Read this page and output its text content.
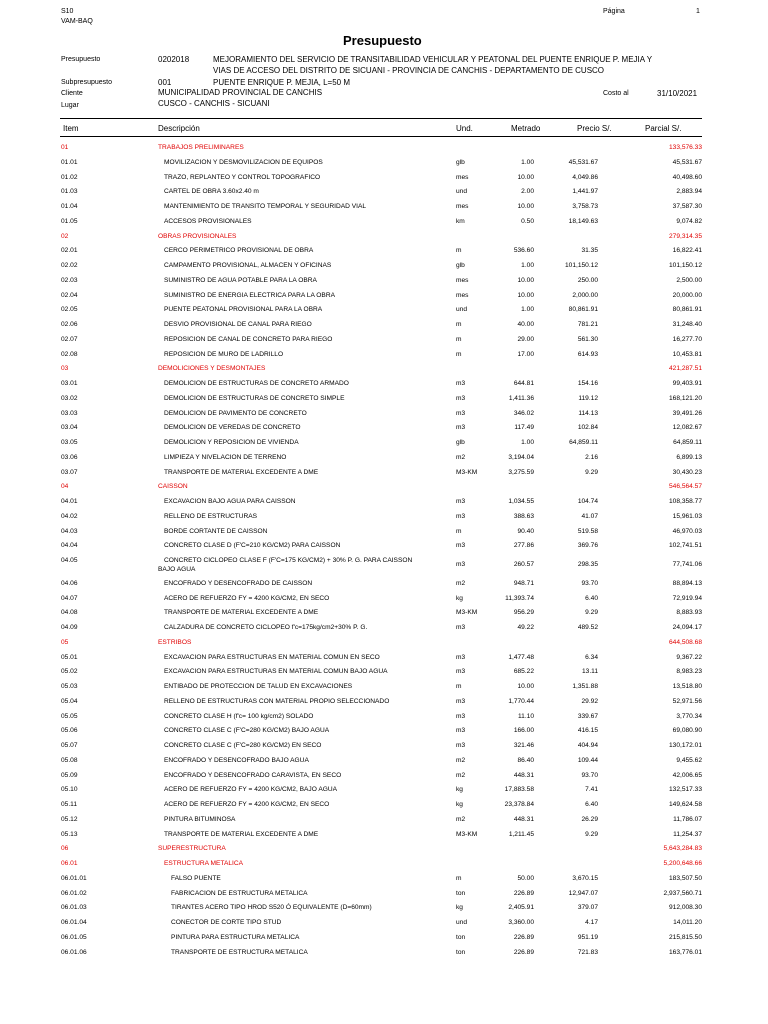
S10
VAM-BAQ
Página	1
Presupuesto
Presupuesto	0202018	MEJORAMIENTO DEL SERVICIO DE TRANSITABILIDAD VEHICULAR Y PEATONAL DEL PUENTE ENRIQUE P. MEJIA Y
VIAS DE ACCESO DEL DISTRITO DE SICUANI - PROVINCIA DE CANCHIS - DEPARTAMENTO DE CUSCO
Subpresupuesto	001	PUENTE ENRIQUE P. MEJIA, L=50 M
Cliente	MUNICIPALIDAD PROVINCIAL DE CANCHIS	Costo al	31/10/2021
Lugar	CUSCO - CANCHIS - SICUANI
Item	Descripción	Und.	Metrado	Precio S/.	Parcial S/.
01	TRABAJOS PRELIMINARES	133,576.33
01.01	MOVILIZACION Y DESMOVILIZACION DE EQUIPOS	glb	1.00	45,531.67	45,531.67
01.02	TRAZO, REPLANTEO Y CONTROL TOPOGRAFICO	mes	10.00	4,049.86	40,498.60
01.03	CARTEL DE OBRA 3.60x2.40 m	und	2.00	1,441.97	2,883.94
01.04	MANTENIMIENTO DE TRANSITO TEMPORAL Y SEGURIDAD VIAL	mes	10.00	3,758.73	37,587.30
01.05	ACCESOS PROVISIONALES	km	0.50	18,149.63	9,074.82
02	OBRAS PROVISIONALES	279,314.35
02.01	CERCO PERIMETRICO PROVISIONAL DE OBRA	m	536.60	31.35	16,822.41
02.02	CAMPAMENTO PROVISIONAL, ALMACEN Y OFICINAS	glb	1.00	101,150.12	101,150.12
02.03	SUMINISTRO DE AGUA POTABLE PARA LA OBRA	mes	10.00	250.00	2,500.00
02.04	SUMINISTRO DE ENERGIA ELECTRICA PARA LA OBRA	mes	10.00	2,000.00	20,000.00
02.05	PUENTE PEATONAL PROVISIONAL PARA LA OBRA	und	1.00	80,861.91	80,861.91
02.06	DESVIO PROVISIONAL DE CANAL PARA RIEGO	m	40.00	781.21	31,248.40
02.07	REPOSICION DE CANAL DE CONCRETO PARA RIEGO	m	29.00	561.30	16,277.70
02.08	REPOSICION DE MURO DE LADRILLO	m	17.00	614.93	10,453.81
03	DEMOLICIONES Y DESMONTAJES	421,287.51
03.01	DEMOLICION DE ESTRUCTURAS DE CONCRETO ARMADO	m3	644.81	154.16	99,403.91
03.02	DEMOLICION DE ESTRUCTURAS DE CONCRETO SIMPLE	m3	1,411.36	119.12	168,121.20
03.03	DEMOLICION DE PAVIMENTO DE CONCRETO	m3	346.02	114.13	39,491.26
03.04	DEMOLICION DE VEREDAS DE CONCRETO	m3	117.49	102.84	12,082.67
03.05	DEMOLICION Y REPOSICION DE VIVIENDA	glb	1.00	64,859.11	64,859.11
03.06	LIMPIEZA Y NIVELACION DE TERRENO	m2	3,194.04	2.16	6,899.13
03.07	TRANSPORTE DE MATERIAL EXCEDENTE A DME	M3-KM	3,275.59	9.29	30,430.23
04	CAISSON	546,564.57
04.01	EXCAVACION BAJO AGUA PARA CAISSON	m3	1,034.55	104.74	108,358.77
04.02	RELLENO DE ESTRUCTURAS	m3	388.63	41.07	15,961.03
04.03	BORDE CORTANTE DE CAISSON	m	90.40	519.58	46,970.03
04.04	CONCRETO CLASE D (F'C=210 KG/CM2) PARA CAISSON	m3	277.86	369.76	102,741.51
04.05	CONCRETO CICLOPEO CLASE F (F'C=175 KG/CM2) + 30% P. G. PARA CAISSON
m3	260.57	298.35	77,741.06
BAJO AGUA
04.06	ENCOFRADO Y DESENCOFRADO DE CAISSON	m2	948.71	93.70	88,894.13
04.07	ACERO DE REFUERZO FY = 4200 KG/CM2, EN SECO	kg	11,393.74	6.40	72,919.94
04.08	TRANSPORTE DE MATERIAL EXCEDENTE A DME	M3-KM	956.29	9.29	8,883.93
04.09	CALZADURA DE CONCRETO CICLOPEO f'c=175kg/cm2+30% P. G.	m3	49.22	489.52	24,094.17
05	ESTRIBOS	644,508.68
05.01	EXCAVACION PARA ESTRUCTURAS EN MATERIAL COMUN EN SECO	m3	1,477.48	6.34	9,367.22
05.02	EXCAVACION PARA ESTRUCTURAS EN MATERIAL COMUN BAJO AGUA	m3	685.22	13.11	8,983.23
05.03	ENTIBADO DE PROTECCION DE TALUD EN EXCAVACIONES	m	10.00	1,351.88	13,518.80
05.04	RELLENO DE ESTRUCTURAS CON MATERIAL PROPIO SELECCIONADO	m3	1,770.44	29.92	52,971.56
05.05	CONCRETO CLASE H (f'c= 100 kg/cm2) SOLADO	m3	11.10	339.67	3,770.34
05.06	CONCRETO CLASE C (F'C=280 KG/CM2) BAJO AGUA	m3	166.00	416.15	69,080.90
05.07	CONCRETO CLASE C (F'C=280 KG/CM2) EN SECO	m3	321.46	404.94	130,172.01
05.08	ENCOFRADO Y DESENCOFRADO BAJO AGUA	m2	86.40	109.44	9,455.62
05.09	ENCOFRADO Y DESENCOFRADO CARAVISTA, EN SECO	m2	448.31	93.70	42,006.65
05.10	ACERO DE REFUERZO FY = 4200 KG/CM2, BAJO AGUA	kg	17,883.58	7.41	132,517.33
05.11	ACERO DE REFUERZO FY = 4200 KG/CM2, EN SECO	kg	23,378.84	6.40	149,624.58
05.12	PINTURA BITUMINOSA	m2	448.31	26.29	11,786.07
05.13	TRANSPORTE DE MATERIAL EXCEDENTE A DME	M3-KM	1,211.45	9.29	11,254.37
06	SUPERESTRUCTURA	5,643,284.83
06.01	ESTRUCTURA METALICA	5,200,648.66
06.01.01	FALSO PUENTE	m	50.00	3,670.15	183,507.50
06.01.02	FABRICACION DE ESTRUCTURA METALICA	ton	226.89	12,947.07	2,937,560.71
06.01.03	TIRANTES ACERO TIPO HROD S520 Ó EQUIVALENTE (D=60mm)	kg	2,405.91	379.07	912,008.30
06.01.04	CONECTOR DE CORTE TIPO STUD	und	3,360.00	4.17	14,011.20
06.01.05	PINTURA PARA ESTRUCTURA METALICA	ton	226.89	951.19	215,815.50
06.01.06	TRANSPORTE DE ESTRUCTURA METALICA	ton	226.89	721.83	163,776.01
